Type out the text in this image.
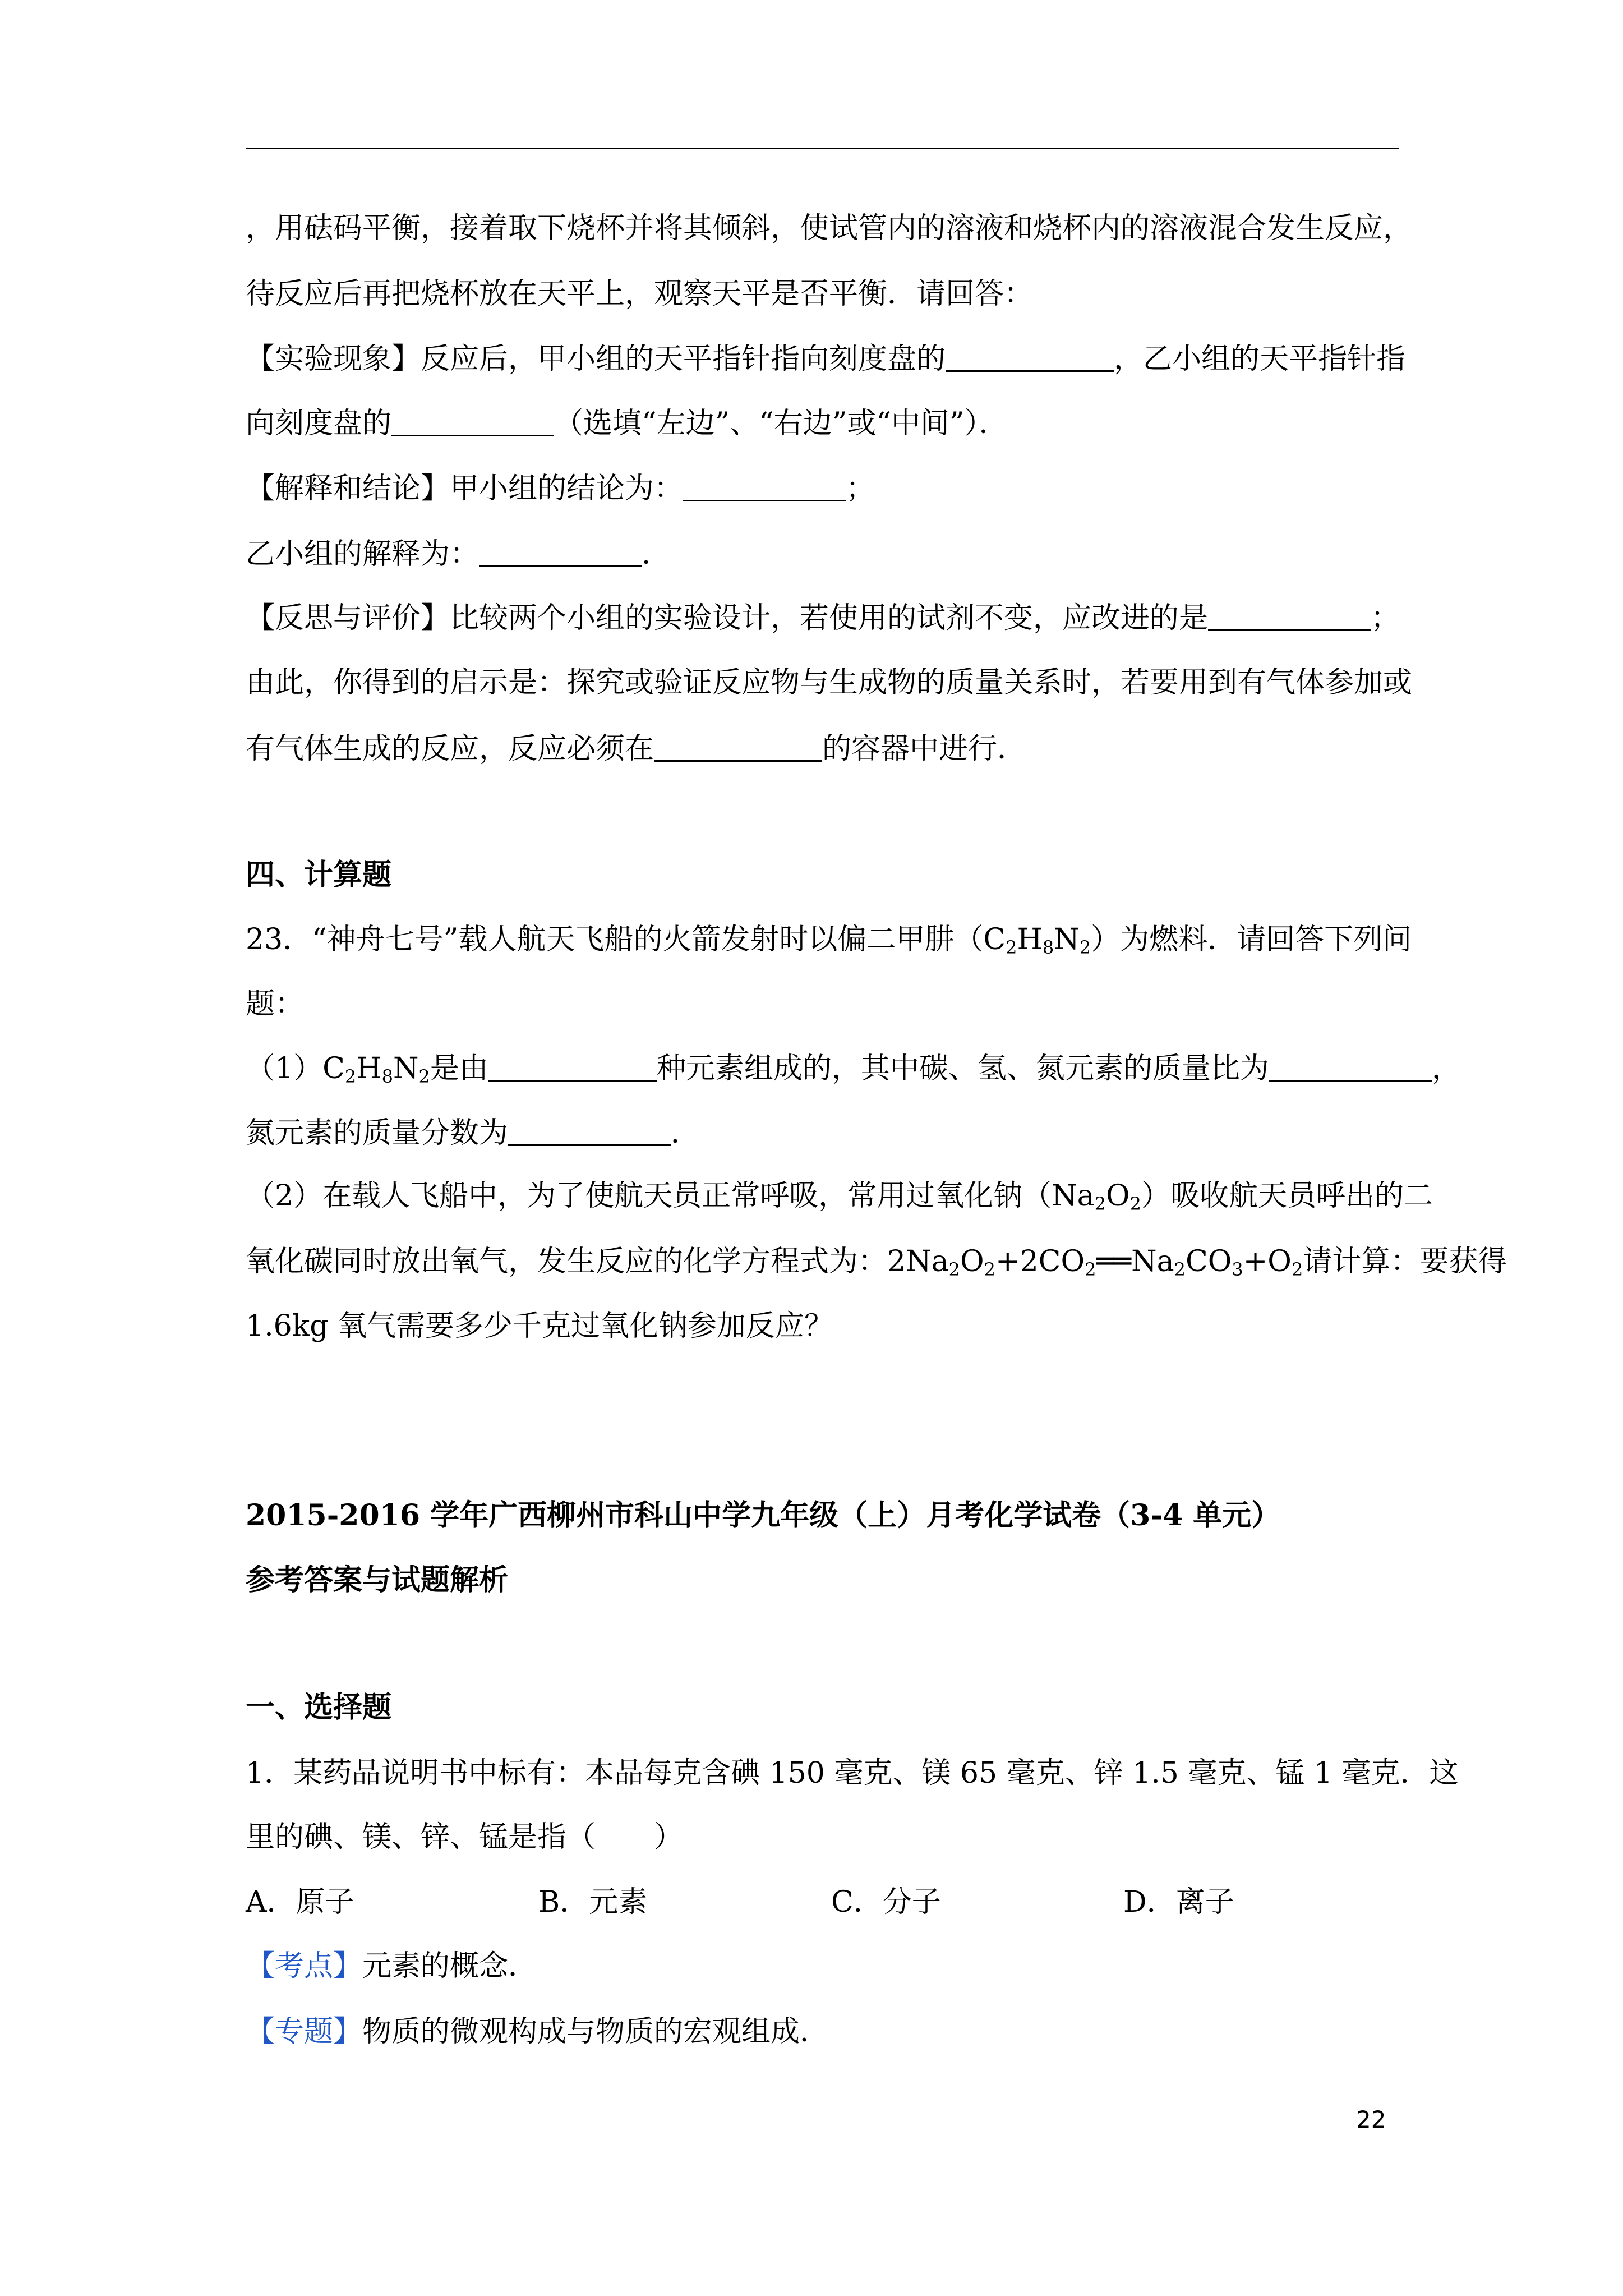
，用砝码平衡，接着取下烧杯并将其倾斜，使试管内的溶液和烧杯内的溶液混合发生反应，
待反应后再把烧杯放在天平上，观察天平是否平衡．请回答：
【实验现象】反应后，甲小组的天平指针指向刻度盘的	，乙小组的天平指针指
向刻度盘的	（选填“左边”、“右边”或“中间”）．
【解释和结论】甲小组的结论为：	；
乙小组的解释为：	．
【反思与评价】比较两个小组的实验设计，若使用的试剂不变，应改进的是	；
由此，你得到的启示是：探究或验证反应物与生成物的质量关系时，若要用到有气体参加或
有气体生成的反应，反应必须在	的容器中进行．
四、计算题
23．“神舟七号”载人航天飞船的火箭发射时以偏二甲肼$(C_2H_8N_2)$为燃料．请回答下列问
题：
$(1)C_2H_8N_2$是由	种元素组成的，其中碳、氢、氮元素的质量比为	，
氮元素的质量分数为	．
（2）在载人飞船中，为了使航天员正常呼吸，常用过氧化钠$(Na_2O_2)$吸收航天员呼出的二
氧化碳同时放出氧气，发生反应的化学方程式为：$2Na_2O_2+2CO_2══Na_2CO_3+O_2$请计算：要获得
1.6kg 氧气需要多少千克过氧化钠参加反应？
2015-2016 学年广西柳州市科山中学九年级（上）月考化学试卷（3-4 单元）
参考答案与试题解析
一、选择题
1．某药品说明书中标有：本品每克含碘 150 毫克、镁 65 毫克、锌 1.5 毫克、锰 1 毫克．这
里的碘、镁、锌、锰是指（　　）
A．原子	B．元素	C．分子	D．离子
【考点】元素的概念．
【专题】物质的微观构成与物质的宏观组成．
22
